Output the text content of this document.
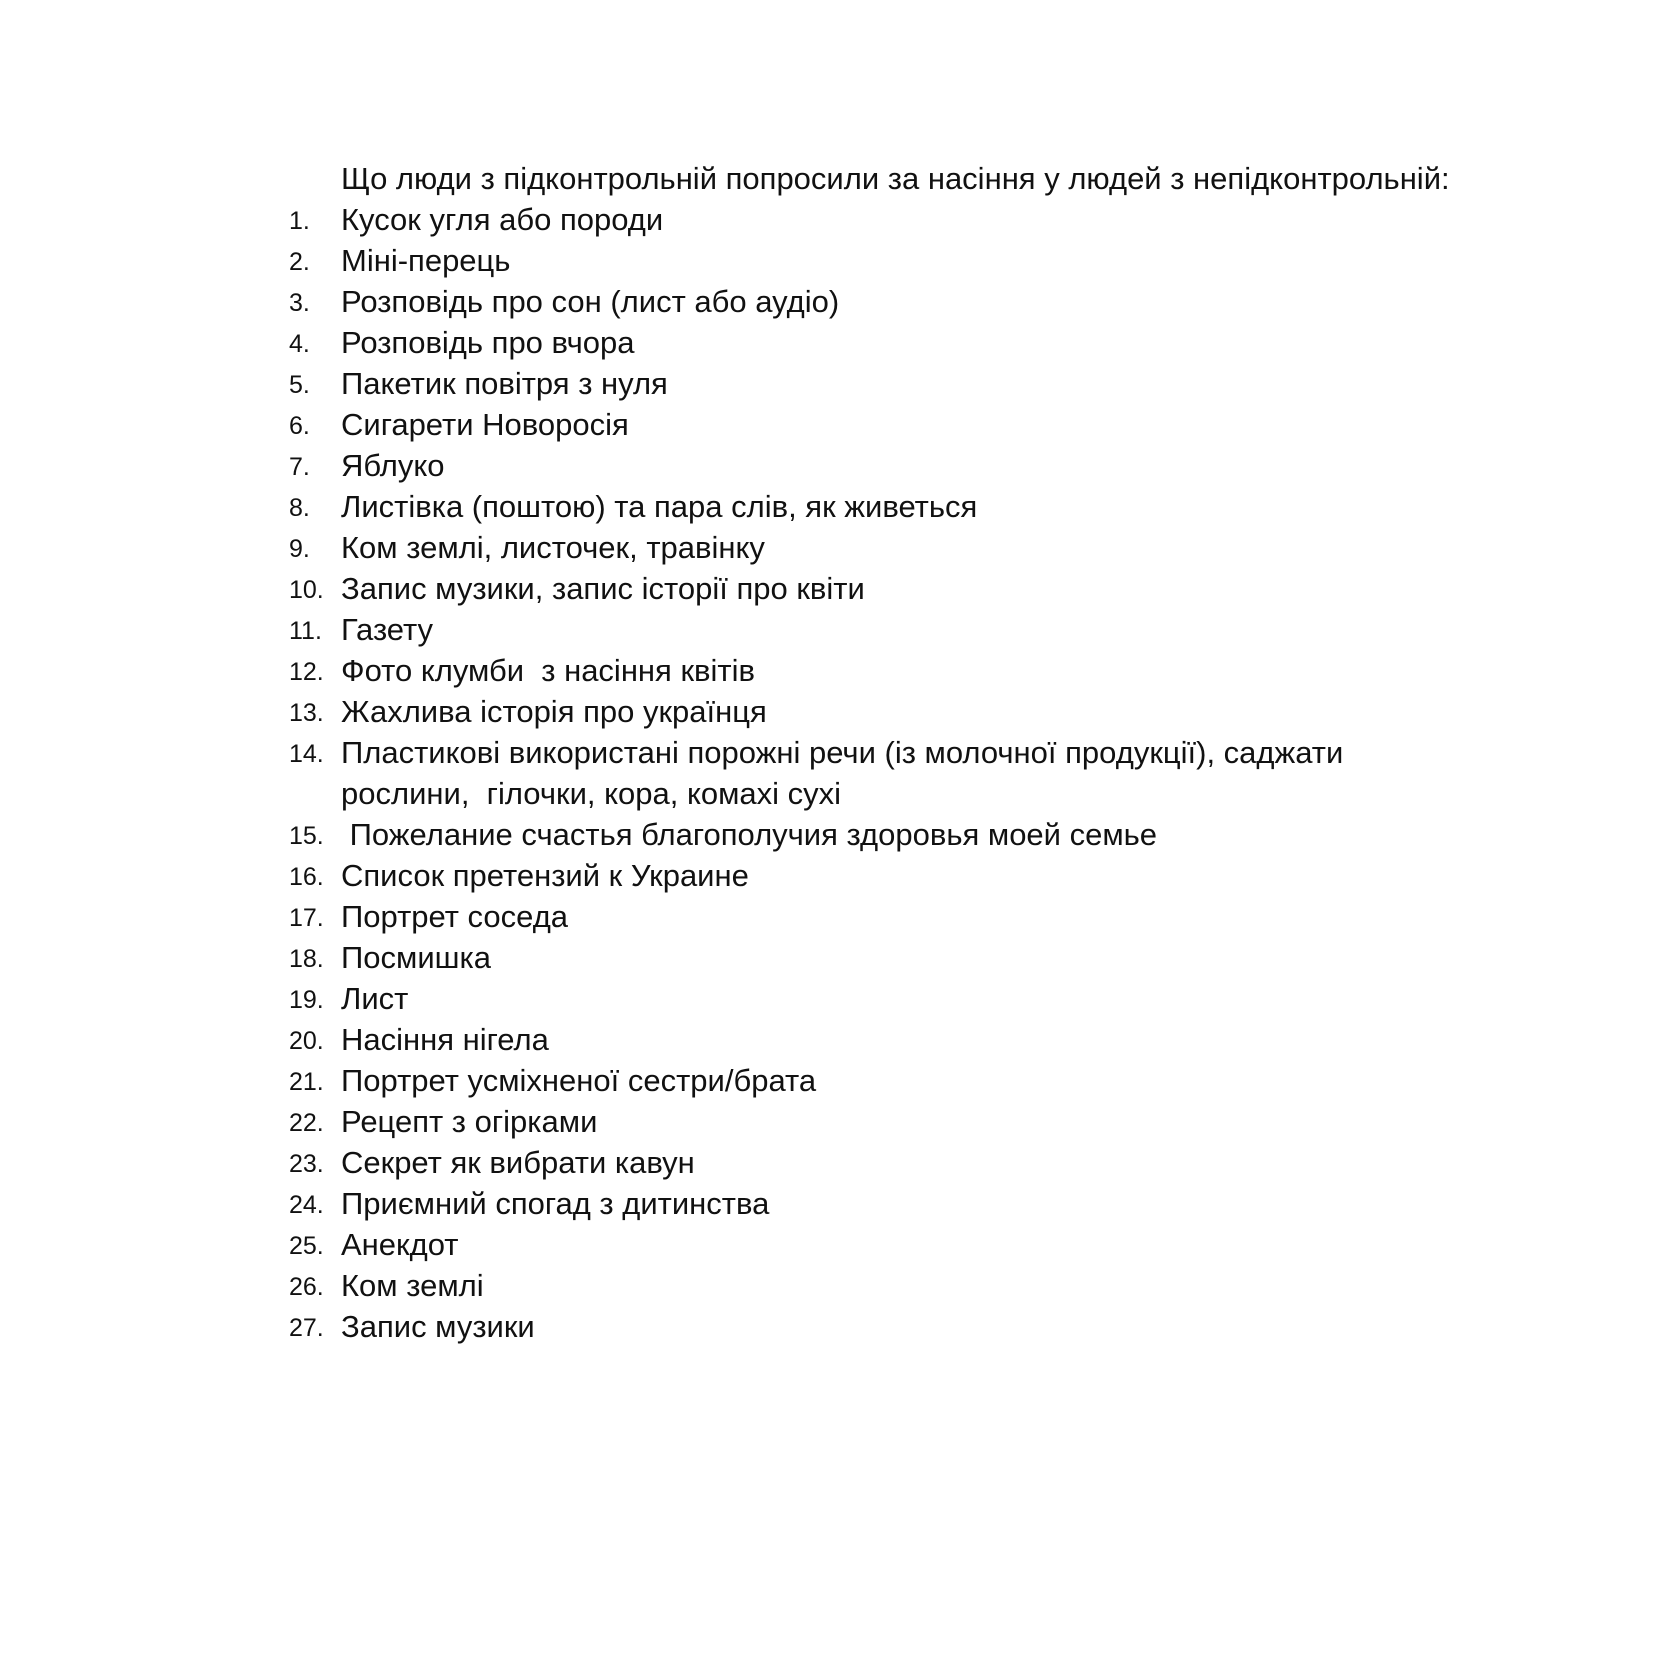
Що люди з підконтрольній попросили за насіння у людей з непідконтрольній:
1. Кусок угля або породи
2. Міні-перець
3. Розповідь про сон (лист або аудіо)
4. Розповідь про вчора
5. Пакетик повітря з нуля
6. Сигарети Новоросія
7. Яблуко
8. Листівка (поштою) та пара слів, як живеться
9. Ком землі, листочек, травінку
10. Запис музики, запис історії про квіти
11. Газету
12. Фото клумби  з насіння квітів
13. Жахлива історія про українця
14. Пластикові використані порожні речи (із молочної продукції), саджати рослини,  гілочки, кора, комахі сухі
15. Пожелание счастья благополучия здоровья моей семье
16. Список претензий к Украине
17. Портрет соседа
18. Посмишка
19. Лист
20. Насіння нігела
21. Портрет усміхненої сестри/брата
22. Рецепт з огірками
23. Секрет як вибрати кавун
24. Приємний спогад з дитинства
25. Анекдот
26. Ком землі
27. Запис музики
